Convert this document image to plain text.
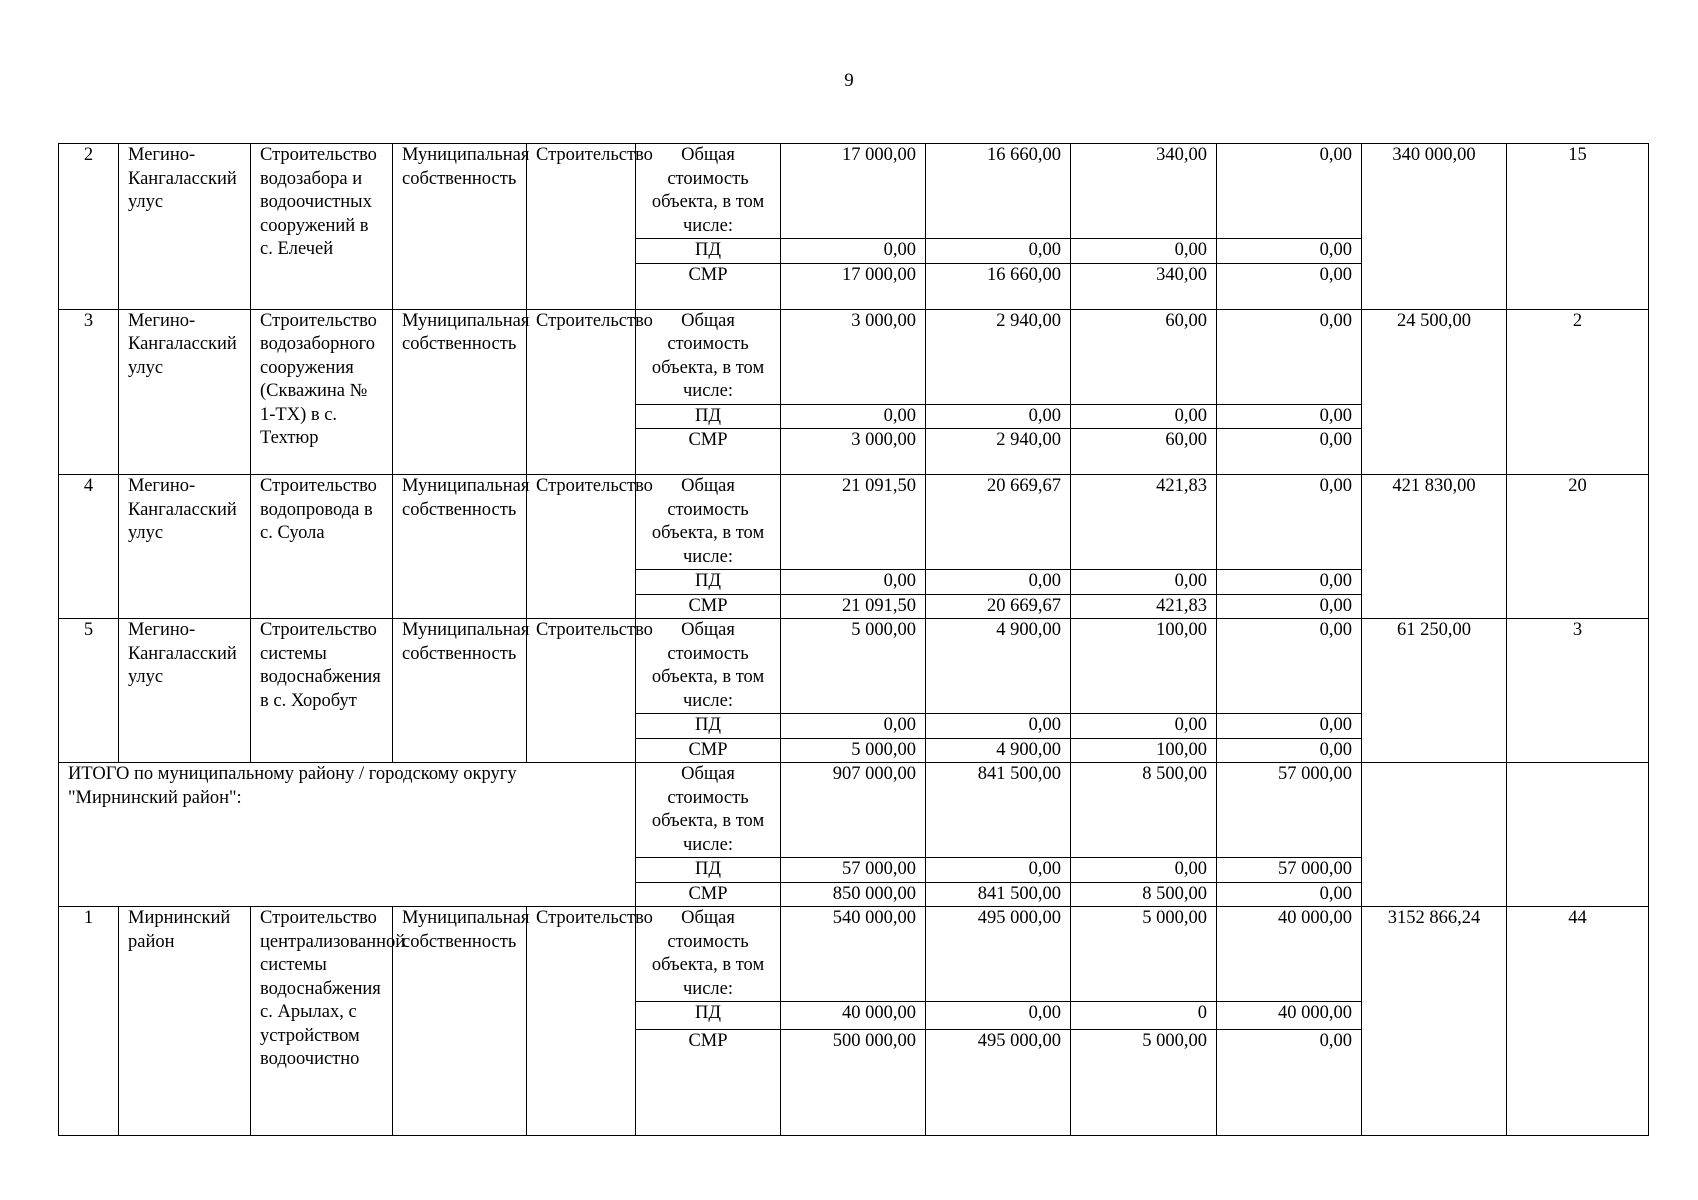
9
2	Мегино-Кангаласский улус	Строительство водозабора и водоочистных сооружений в с. Елечей	Муниципальная собственность	Строительство	Общая стоимость объекта, в том числе:	17 000,00	16 660,00	340,00	0,00	340 000,00	15
					ПД	0,00	0,00	0,00	0,00		
					СМР	17 000,00	16 660,00	340,00	0,00		
3	Мегино-Кангаласский улус	Строительство водозаборного сооружения (Скважина № 1-ТХ) в с. Техтюр	Муниципальная собственность	Строительство	Общая стоимость объекта, в том числе:	3 000,00	2 940,00	60,00	0,00	24 500,00	2
					ПД	0,00	0,00	0,00	0,00		
					СМР	3 000,00	2 940,00	60,00	0,00		
4	Мегино-Кангаласский улус	Строительство водопровода в с. Суола	Муниципальная собственность	Строительство	Общая стоимость объекта, в том числе:	21 091,50	20 669,67	421,83	0,00	421 830,00	20
					ПД	0,00	0,00	0,00	0,00		
					СМР	21 091,50	20 669,67	421,83	0,00		
5	Мегино-Кангаласский улус	Строительство системы водоснабжения в с. Хоробут	Муниципальная собственность	Строительство	Общая стоимость объекта, в том числе:	5 000,00	4 900,00	100,00	0,00	61 250,00	3
					ПД	0,00	0,00	0,00	0,00		
					СМР	5 000,00	4 900,00	100,00	0,00		
ИТОГО по муниципальному району / городскому округу "Мирнинский район":					Общая стоимость объекта, в том числе:	907 000,00	841 500,00	8 500,00	57 000,00		
					ПД	57 000,00	0,00	0,00	57 000,00		
					СМР	850 000,00	841 500,00	8 500,00	0,00		
1	Мирнинский район	Строительство централизованной системы водоснабжения с. Арылах, с устройством водоочистно	Муниципальная собственность	Строительство	Общая стоимость объекта, в том числе:	540 000,00	495 000,00	5 000,00	40 000,00	3152 866,24	44
					ПД	40 000,00	0,00	0	40 000,00		
					СМР	500 000,00	495 000,00	5 000,00	0,00		
